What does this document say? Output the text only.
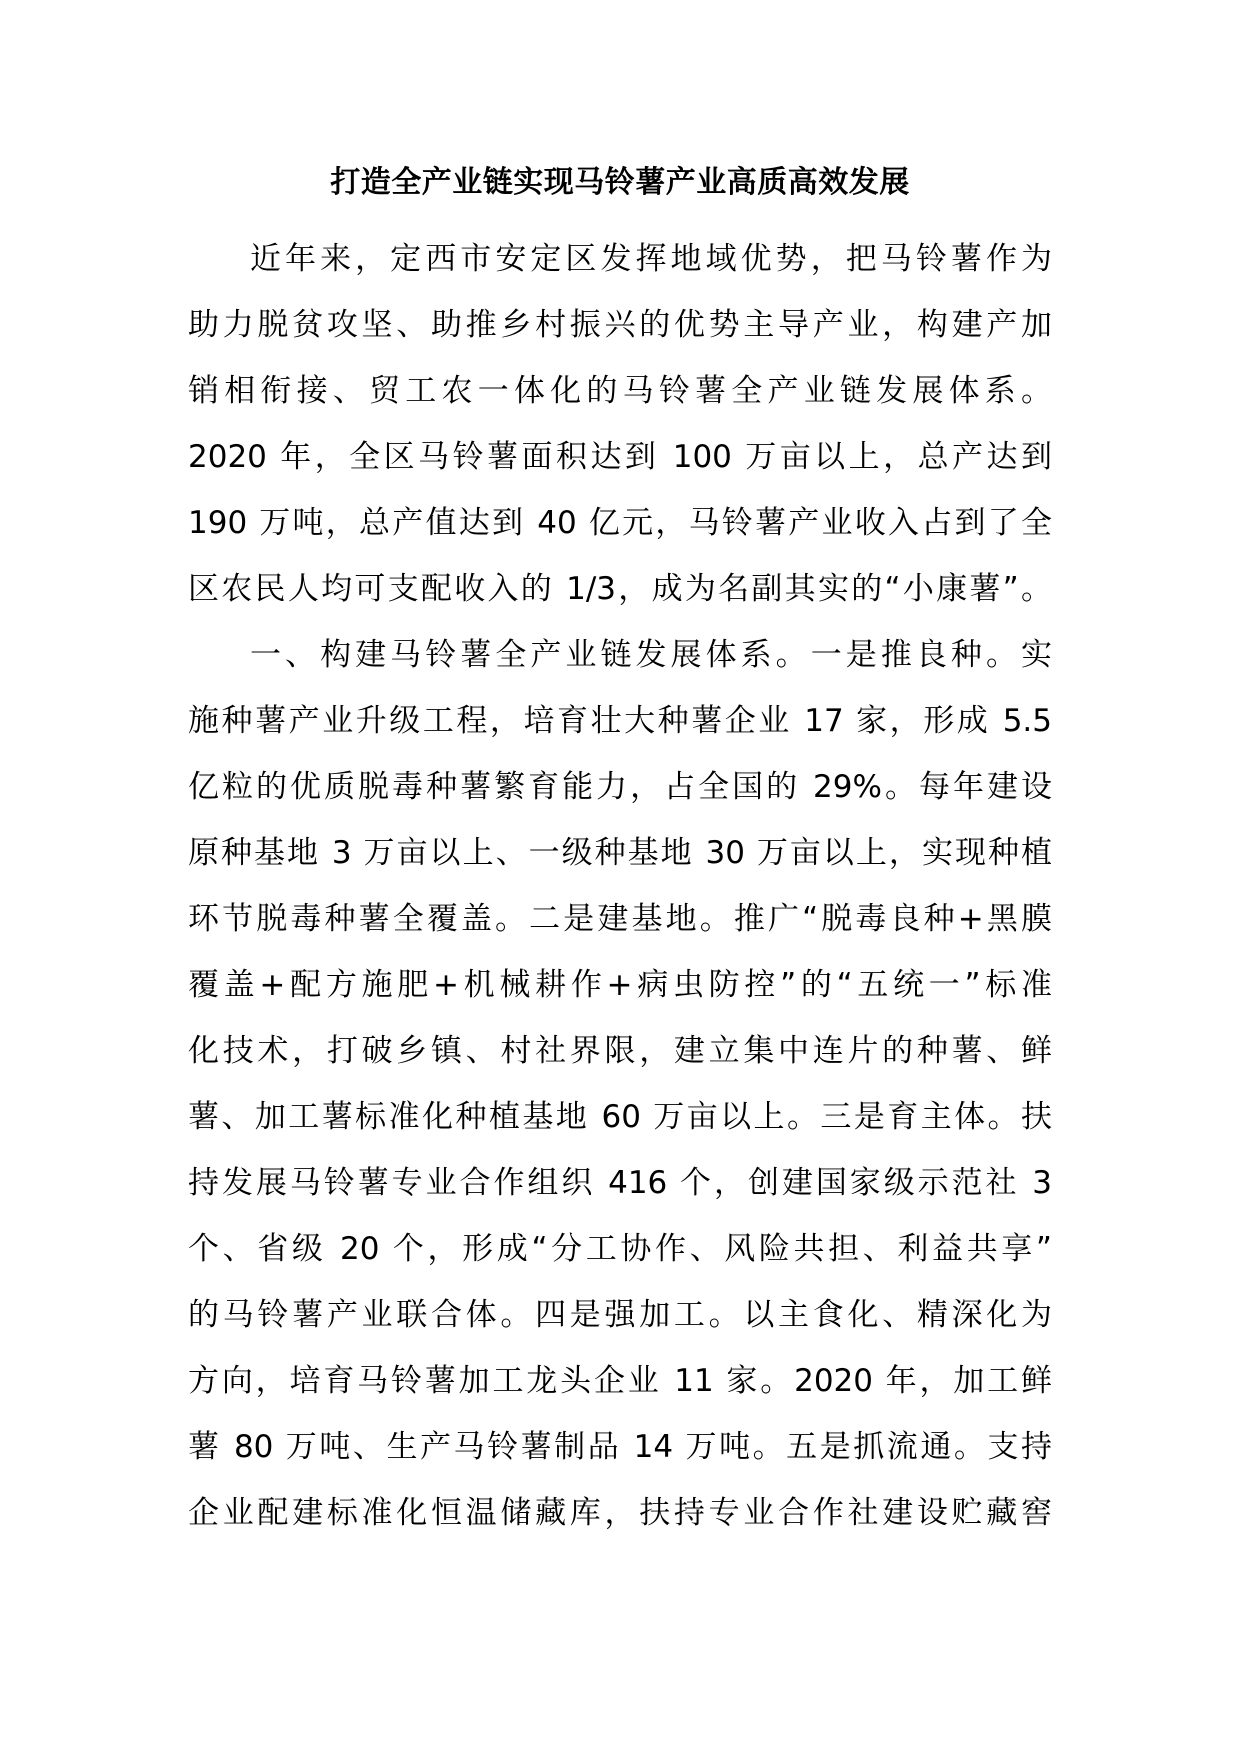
打造全产业链实现马铃薯产业高质高效发展
近年来，定西市安定区发挥地域优势，把马铃薯作为
助力脱贫攻坚、助推乡村振兴的优势主导产业，构建产加
销相衔接、贸工农一体化的马铃薯全产业链发展体系。
2020 年，全区马铃薯面积达到 100 万亩以上，总产达到
190 万吨，总产值达到 40 亿元，马铃薯产业收入占到了全
区农民人均可支配收入的 1/3，成为名副其实的“小康薯”。
一、构建马铃薯全产业链发展体系。一是推良种。实
施种薯产业升级工程，培育壮大种薯企业 17 家，形成 5.5
亿粒的优质脱毒种薯繁育能力，占全国的 29%。每年建设
原种基地 3 万亩以上、一级种基地 30 万亩以上，实现种植
环节脱毒种薯全覆盖。二是建基地。推广“脱毒良种+黑膜
覆盖+配方施肥+机械耕作+病虫防控”的“五统一”标准
化技术，打破乡镇、村社界限，建立集中连片的种薯、鲜
薯、加工薯标准化种植基地 60 万亩以上。三是育主体。扶
持发展马铃薯专业合作组织 416 个，创建国家级示范社 3
个、省级 20 个，形成“分工协作、风险共担、利益共享”
的马铃薯产业联合体。四是强加工。以主食化、精深化为
方向，培育马铃薯加工龙头企业 11 家。2020 年，加工鲜
薯 80 万吨、生产马铃薯制品 14 万吨。五是抓流通。支持
企业配建标准化恒温储藏库，扶持专业合作社建设贮藏窖
